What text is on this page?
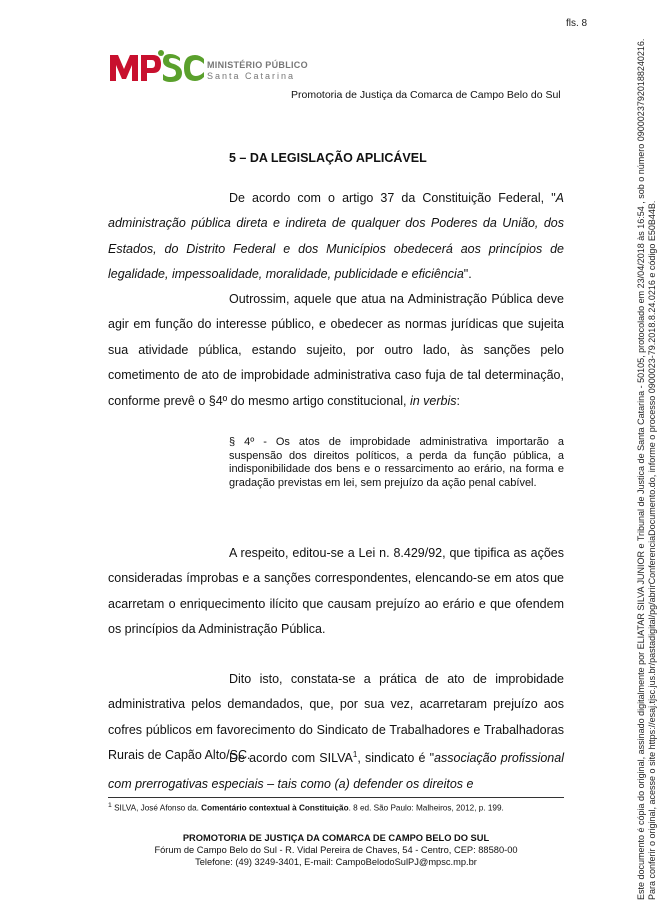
fls. 8
MINISTÉRIO PÚBLICO
Santa Catarina
Promotoria de Justiça da Comarca de Campo Belo do Sul
5 – DA LEGISLAÇÃO APLICÁVEL
De acordo com o artigo 37 da Constituição Federal, "A administração pública direta e indireta de qualquer dos Poderes da União, dos Estados, do Distrito Federal e dos Municípios obedecerá aos princípios de legalidade, impessoalidade, moralidade, publicidade e eficiência".
Outrossim, aquele que atua na Administração Pública deve agir em função do interesse público, e obedecer as normas jurídicas que sujeita sua atividade pública, estando sujeito, por outro lado, às sanções pelo cometimento de ato de improbidade administrativa caso fuja de tal determinação, conforme prevê o §4º do mesmo artigo constitucional, in verbis:
§ 4º - Os atos de improbidade administrativa importarão a suspensão dos direitos políticos, a perda da função pública, a indisponibilidade dos bens e o ressarcimento ao erário, na forma e gradação previstas em lei, sem prejuízo da ação penal cabível.
A respeito, editou-se a Lei n. 8.429/92, que tipifica as ações consideradas ímprobas e a sanções correspondentes, elencando-se em atos que acarretam o enriquecimento ilícito que causam prejuízo ao erário e que ofendem os princípios da Administração Pública.
Dito isto, constata-se a prática de ato de improbidade administrativa pelos demandados, que, por sua vez, acarretaram prejuízo aos cofres públicos em favorecimento do Sindicato de Trabalhadores e Trabalhadoras Rurais de Capão Alto/SC.
De acordo com SILVA$^1$, sindicato é "associação profissional com prerrogativas especiais – tais como (a) defender os direitos e
$^1$ SILVA, José Afonso da. Comentário contextual à Constituição. 8 ed. São Paulo: Malheiros, 2012, p. 199.
PROMOTORIA DE JUSTIÇA DA COMARCA DE CAMPO BELO DO SUL
Fórum de Campo Belo do Sul - R. Vidal Pereira de Chaves, 54 - Centro, CEP: 88580-00
Telefone: (49) 3249-3401, E-mail: CampoBelodoSulPJ@mpsc.mp.br	Este documento é cópia do original, assinado digitalmente por ELIATAR SILVA JUNIOR e Tribunal de Justica de Santa Catarina - 50105, protocolado em 23/04/2018 às 16:54 , sob o número 0900023792018824021​6. Para conferir o original, acesse o site https://esaj.tjsc.jus.br/pastadigital/pg/abrirConferenciaDocumento.do, informe o processo 0900023-79.2018.8.24.0216 e código E50B44B.
